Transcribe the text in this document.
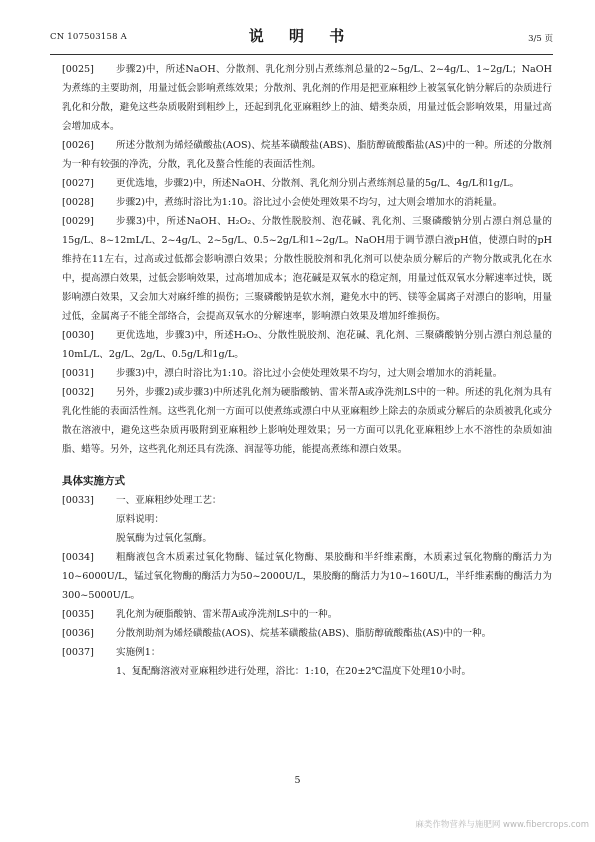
CN 107503158 A	说 明 书	3/5 页
[0025]	步骤2)中，所述NaOH、分散剂、乳化剂分别占煮练剂总量的2~5g/L、2~4g/L、1~2g/L；NaOH为煮练的主要助剂，用量过低会影响煮练效果；分散剂、乳化剂的作用是把亚麻粗纱上被氢氧化钠分解后的杂质进行乳化和分散，避免这些杂质吸附到粗纱上，还起到乳化亚麻粗纱上的油、蜡类杂质，用量过低会影响效果，用量过高会增加成本。
[0026]	所述分散剂为烯烃磺酸盐(AOS)、烷基苯磺酸盐(ABS)、脂肪醇硫酸酯盐(AS)中的一种。所述的分散剂为一种有较强的净洗，分散，乳化及螯合性能的表面活性剂。
[0027]	更优选地，步骤2)中，所述NaOH、分散剂、乳化剂分别占煮练剂总量的5g/L、4g/L和1g/L。
[0028]	步骤2)中，煮练时浴比为1:10。浴比过小会使处理效果不均匀，过大则会增加水的消耗量。
[0029]	步骤3)中，所述NaOH、H₂O₂、分散性脱胶剂、泡花碱、乳化剂、三聚磷酸钠分别占漂白剂总量的15g/L、8~12mL/L、2~4g/L、2~5g/L、0.5~2g/L和1~2g/L。NaOH用于调节漂白液pH值，使漂白时的pH维持在11左右，过高或过低都会影响漂白效果；分散性脱胶剂和乳化剂可以使杂质分解后的产物分散或乳化在水中，提高漂白效果，过低会影响效果，过高增加成本；泡花碱是双氧水的稳定剂，用量过低双氧水分解速率过快，既影响漂白效果，又会加大对麻纤维的损伤；三聚磷酸钠是软水剂，避免水中的钙、镁等金属离子对漂白的影响，用量过低，金属离子不能全部络合，会提高双氧水的分解速率，影响漂白效果及增加纤维损伤。
[0030]	更优选地，步骤3)中，所述H₂O₂、分散性脱胶剂、泡花碱、乳化剂、三聚磷酸钠分别占漂白剂总量的10mL/L、2g/L、2g/L、0.5g/L和1g/L。
[0031]	步骤3)中，漂白时浴比为1:10。浴比过小会使处理效果不均匀，过大则会增加水的消耗量。
[0032]	另外，步骤2)或步骤3)中所述乳化剂为硬脂酸钠、雷米帮A或净洗剂LS中的一种。所述的乳化剂为具有乳化性能的表面活性剂。这些乳化剂一方面可以使煮练或漂白中从亚麻粗纱上除去的杂质或分解后的杂质被乳化或分散在溶液中，避免这些杂质再吸附到亚麻粗纱上影响处理效果；另一方面可以乳化亚麻粗纱上水不溶性的杂质如油脂、蜡等。另外，这些乳化剂还具有洗涤、润湿等功能，能提高煮练和漂白效果。
具体实施方式
[0033]	一、亚麻粗纱处理工艺：
原料说明：
脱氧酶为过氧化氢酶。
[0034]	粗酶液包含木质素过氧化物酶、锰过氧化物酶、果胶酶和半纤维素酶，木质素过氧化物酶的酶活力为10~6000U/L，锰过氧化物酶的酶活力为50~2000U/L，果胶酶的酶活力为10~160U/L，半纤维素酶的酶活力为300~5000U/L。
[0035]	乳化剂为硬脂酸钠、雷米帮A或净洗剂LS中的一种。
[0036]	分散剂助剂为烯烃磺酸盐(AOS)、烷基苯磺酸盐(ABS)、脂肪醇硫酸酯盐(AS)中的一种。
[0037]	实施例1：
1、复配酶溶液对亚麻粗纱进行处理，浴比：1:10，在20±2℃温度下处理10小时。
5
麻类作物营养与施肥网 www.fibercrops.com
